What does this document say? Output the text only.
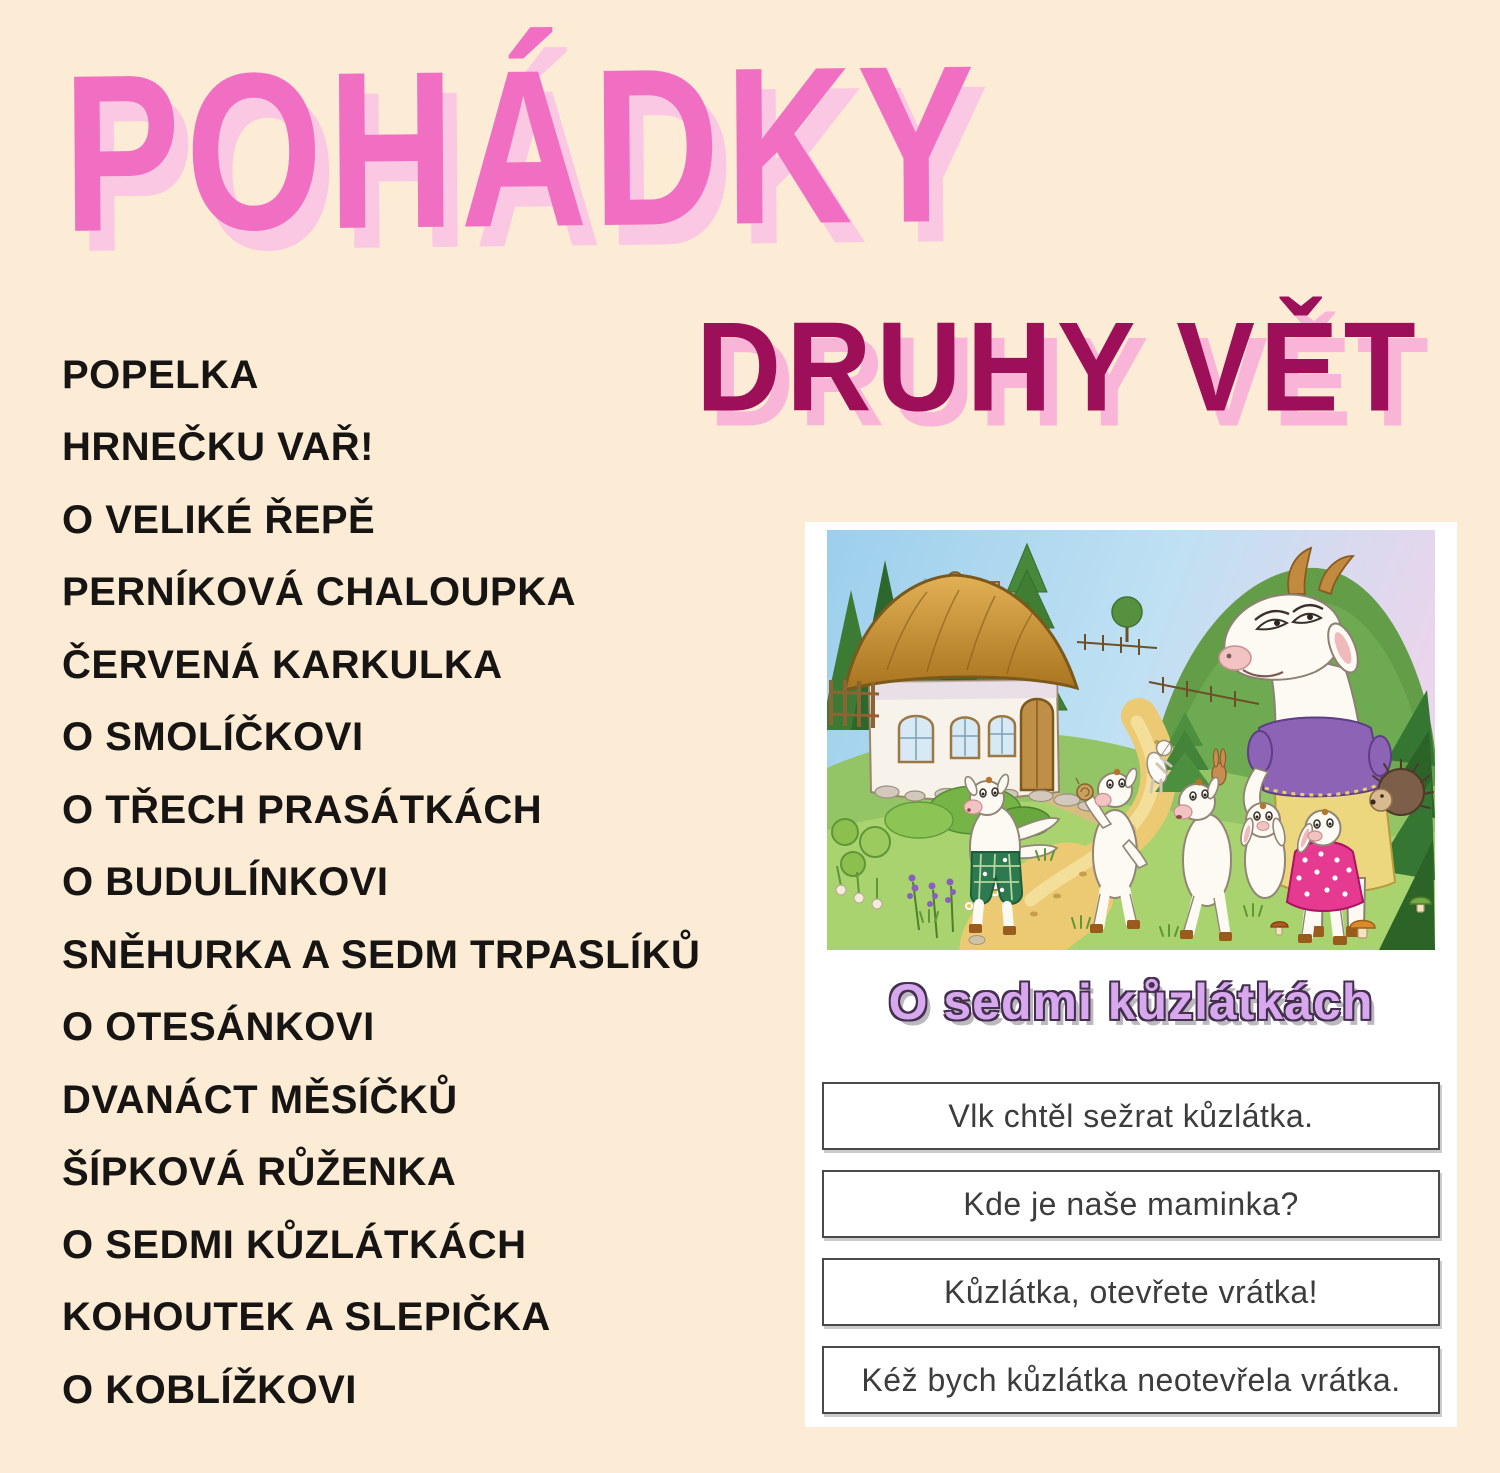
POHÁDKY
DRUHY VĚT
POPELKA
HRNEČKU VAŘ!
O VELIKÉ ŘEPĚ
PERNÍKOVÁ CHALOUPKA
ČERVENÁ KARKULKA
O SMOLÍČKOVI
O TŘECH PRASÁTKÁCH
O BUDULÍNKOVI
SNĚHURKA A SEDM TRPASLÍKŮ
O OTESÁNKOVI
DVANÁCT MĚSÍČKŮ
ŠÍPKOVÁ RŮŽENKA
O SEDMI KŮZLÁTKÁCH
KOHOUTEK A SLEPIČKA
O KOBLÍŽKOVI

O sedmi kůzlátkách

Vlk chtěl sežrat kůzlátka.
Kde je naše maminka?
Kůzlátka, otevřete vrátka!
Kéž bych kůzlátka neotevřela vrátka.
